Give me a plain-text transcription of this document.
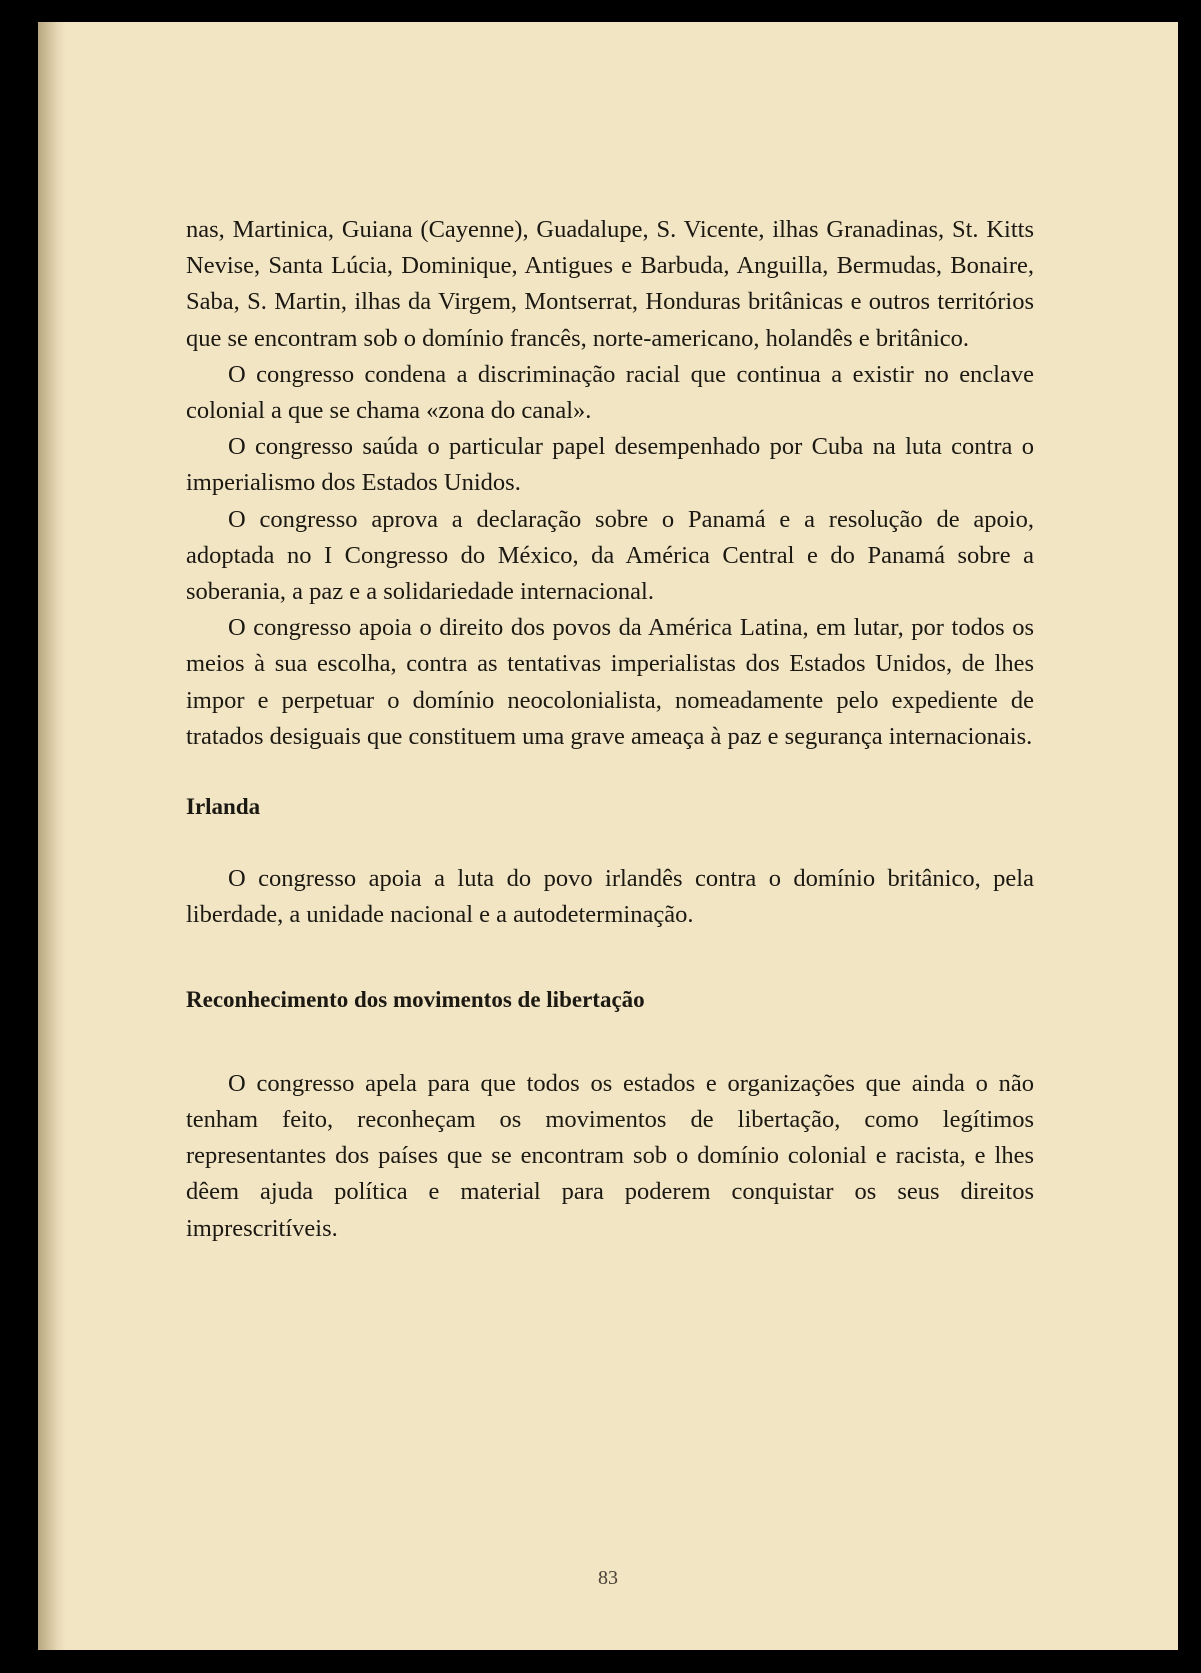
nas, Martinica, Guiana (Cayenne), Guadalupe, S. Vicente, ilhas Granadinas, St. Kitts Nevise, Santa Lúcia, Dominique, Antigues e Barbuda, Anguilla, Bermudas, Bonaire, Saba, S. Martin, ilhas da Virgem, Montserrat, Honduras britânicas e outros territórios que se encontram sob o domínio francês, norte-americano, holandês e britânico.

O congresso condena a discriminação racial que continua a existir no enclave colonial a que se chama «zona do canal».

O congresso saúda o particular papel desempenhado por Cuba na luta contra o imperialismo dos Estados Unidos.

O congresso aprova a declaração sobre o Panamá e a resolução de apoio, adoptada no I Congresso do México, da América Central e do Panamá sobre a soberania, a paz e a solidariedade internacional.

O congresso apoia o direito dos povos da América Latina, em lutar, por todos os meios à sua escolha, contra as tentativas imperialistas dos Estados Unidos, de lhes impor e perpetuar o domínio neocolonialista, nomeadamente pelo expediente de tratados desiguais que constituem uma grave ameaça à paz e segurança internacionais.

Irlanda

O congresso apoia a luta do povo irlandês contra o domínio britânico, pela liberdade, a unidade nacional e a autodeterminação.

Reconhecimento dos movimentos de libertação

O congresso apela para que todos os estados e organizações que ainda o não tenham feito, reconheçam os movimentos de libertação, como legítimos representantes dos países que se encontram sob o domínio colonial e racista, e lhes dêem ajuda política e material para poderem conquistar os seus direitos imprescritíveis.

83
